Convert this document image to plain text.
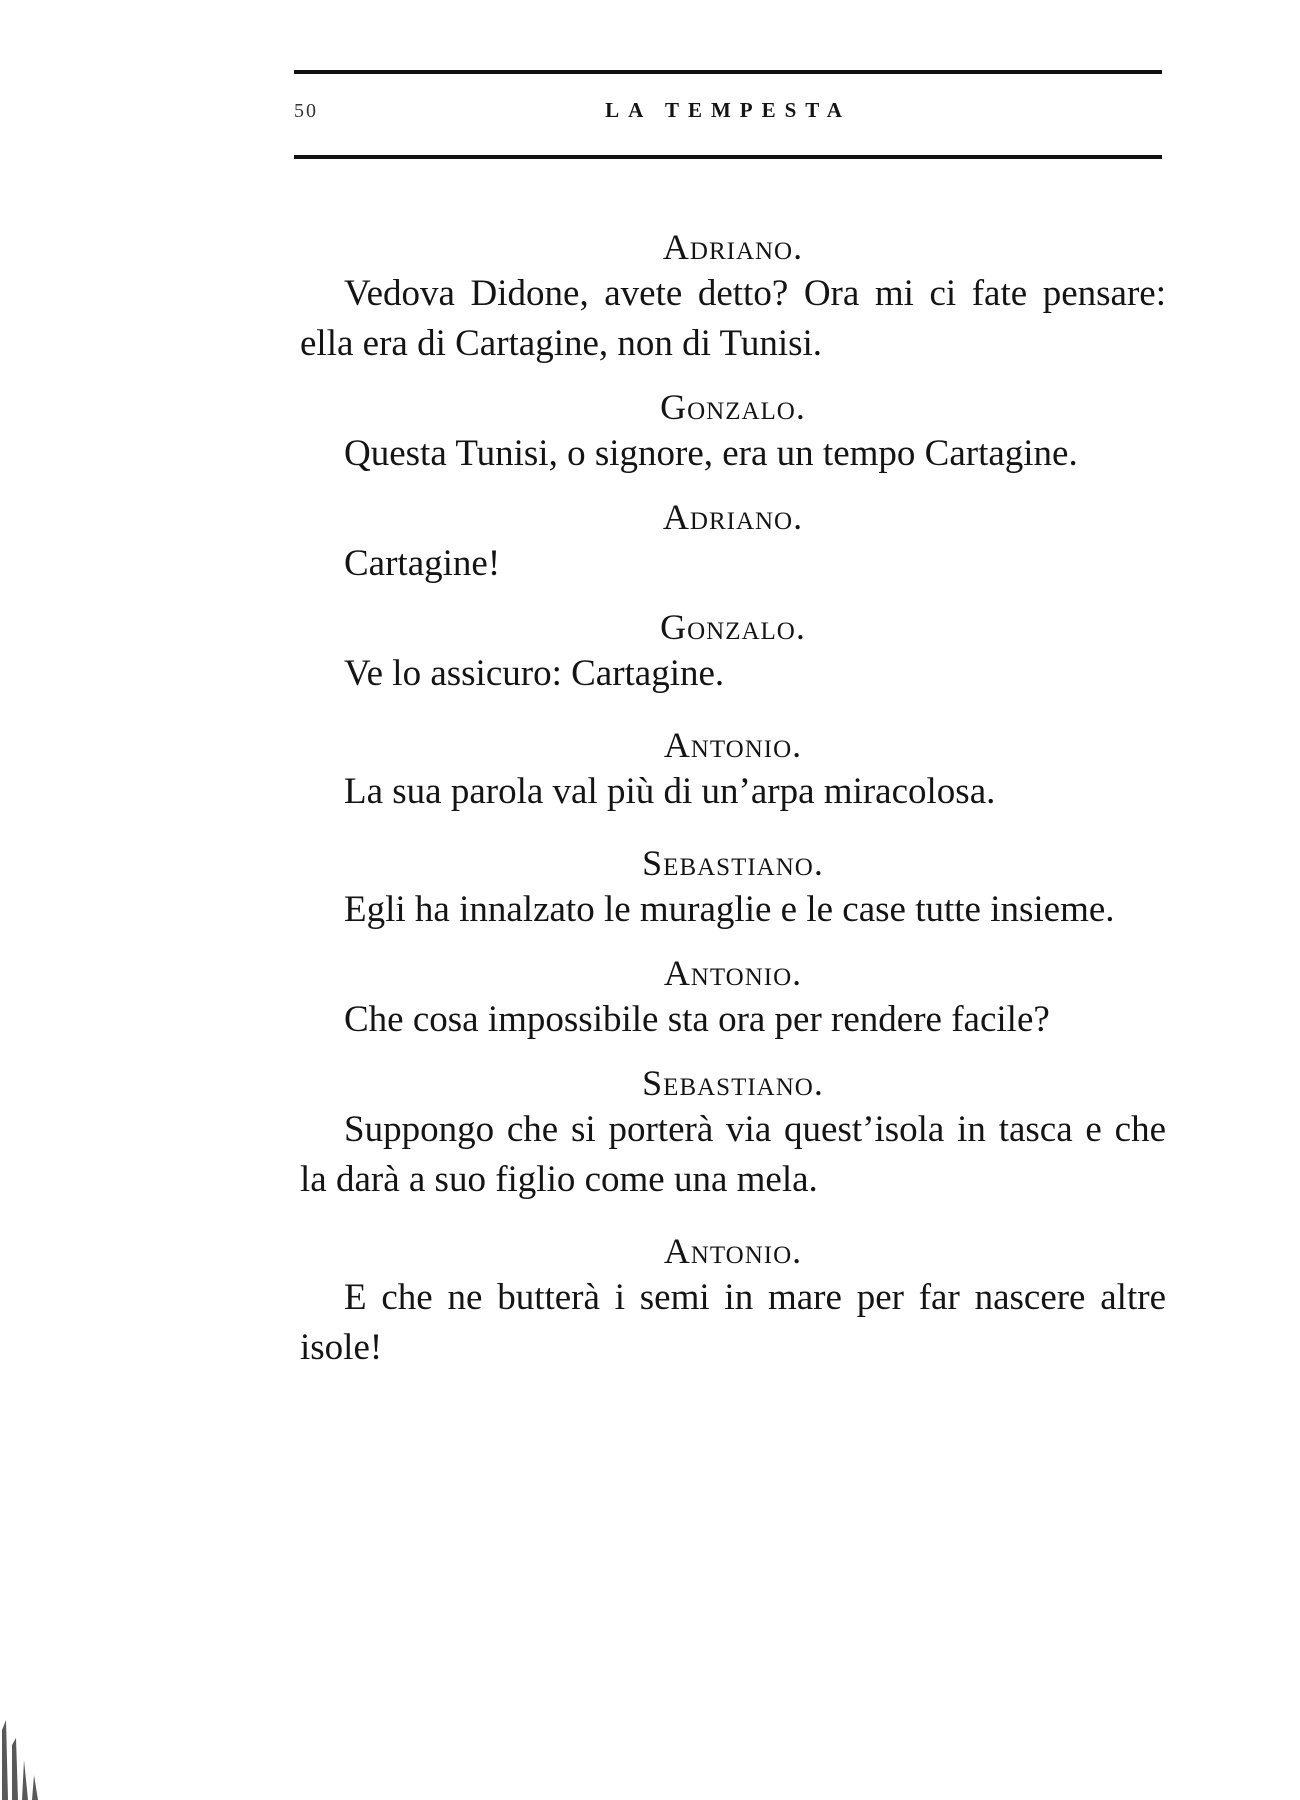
50	LA TEMPESTA

Adriano.

Vedova Didone, avete detto? Ora mi ci fate pensare: ella era di Cartagine, non di Tunisi.

Gonzalo.

Questa Tunisi, o signore, era un tempo Cartagine.

Adriano.

Cartagine!

Gonzalo.

Ve lo assicuro: Cartagine.

Antonio.

La sua parola val più di un’arpa miracolosa.

Sebastiano.

Egli ha innalzato le muraglie e le case tutte insieme.

Antonio.

Che cosa impossibile sta ora per rendere facile?

Sebastiano.

Suppongo che si porterà via quest’isola in tasca e che la darà a suo figlio come una mela.

Antonio.

E che ne butterà i semi in mare per far nascere altre isole!
